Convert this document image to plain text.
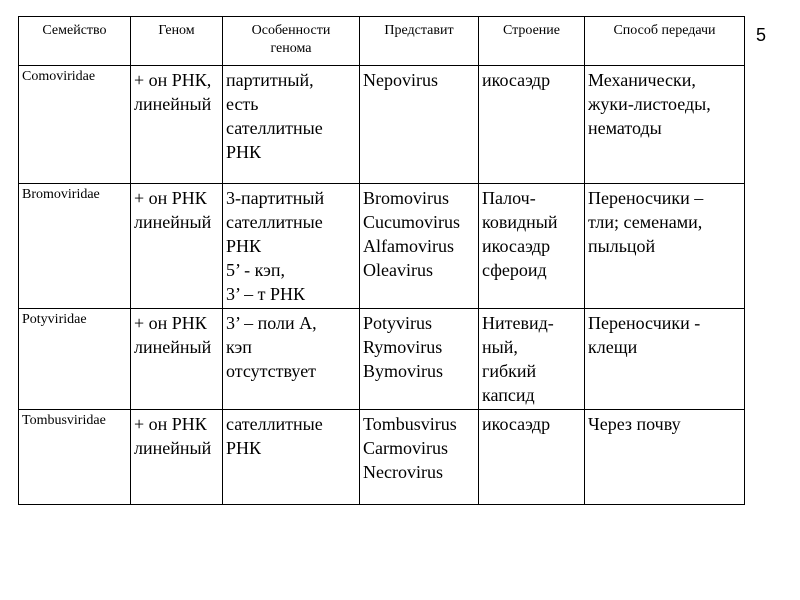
Семейство	Геном	Особенности
генома	Представит	Строение	Способ передачи

Comoviridae	+ он РНК,
линейный	партитный,
есть
сателлитные
РНК	Nepovirus	икосаэдр	Механически,
жуки-листоеды,
нематоды

Bromoviridae	+ он РНК
линейный	3-партитный
сателлитные
РНК
5’ - кэп,
3’ – т РНК	Bromovirus
Cucumovirus
Alfamovirus
Oleavirus	Палоч-
ковидный
икосаэдр
сфероид	Переносчики –
тли; семенами,
пыльцой

Potyviridae	+ он РНК
линейный	3’ – поли А,
кэп
отсутствует	Potyvirus
Rymovirus
Bymovirus	Нитевид-
ный,
гибкий
капсид	Переносчики -
клещи

Tombusviridae	+ он РНК
линейный	сателлитные
РНК	Tombusvirus
Carmovirus
Necrovirus	икосаэдр	Через почву
5
